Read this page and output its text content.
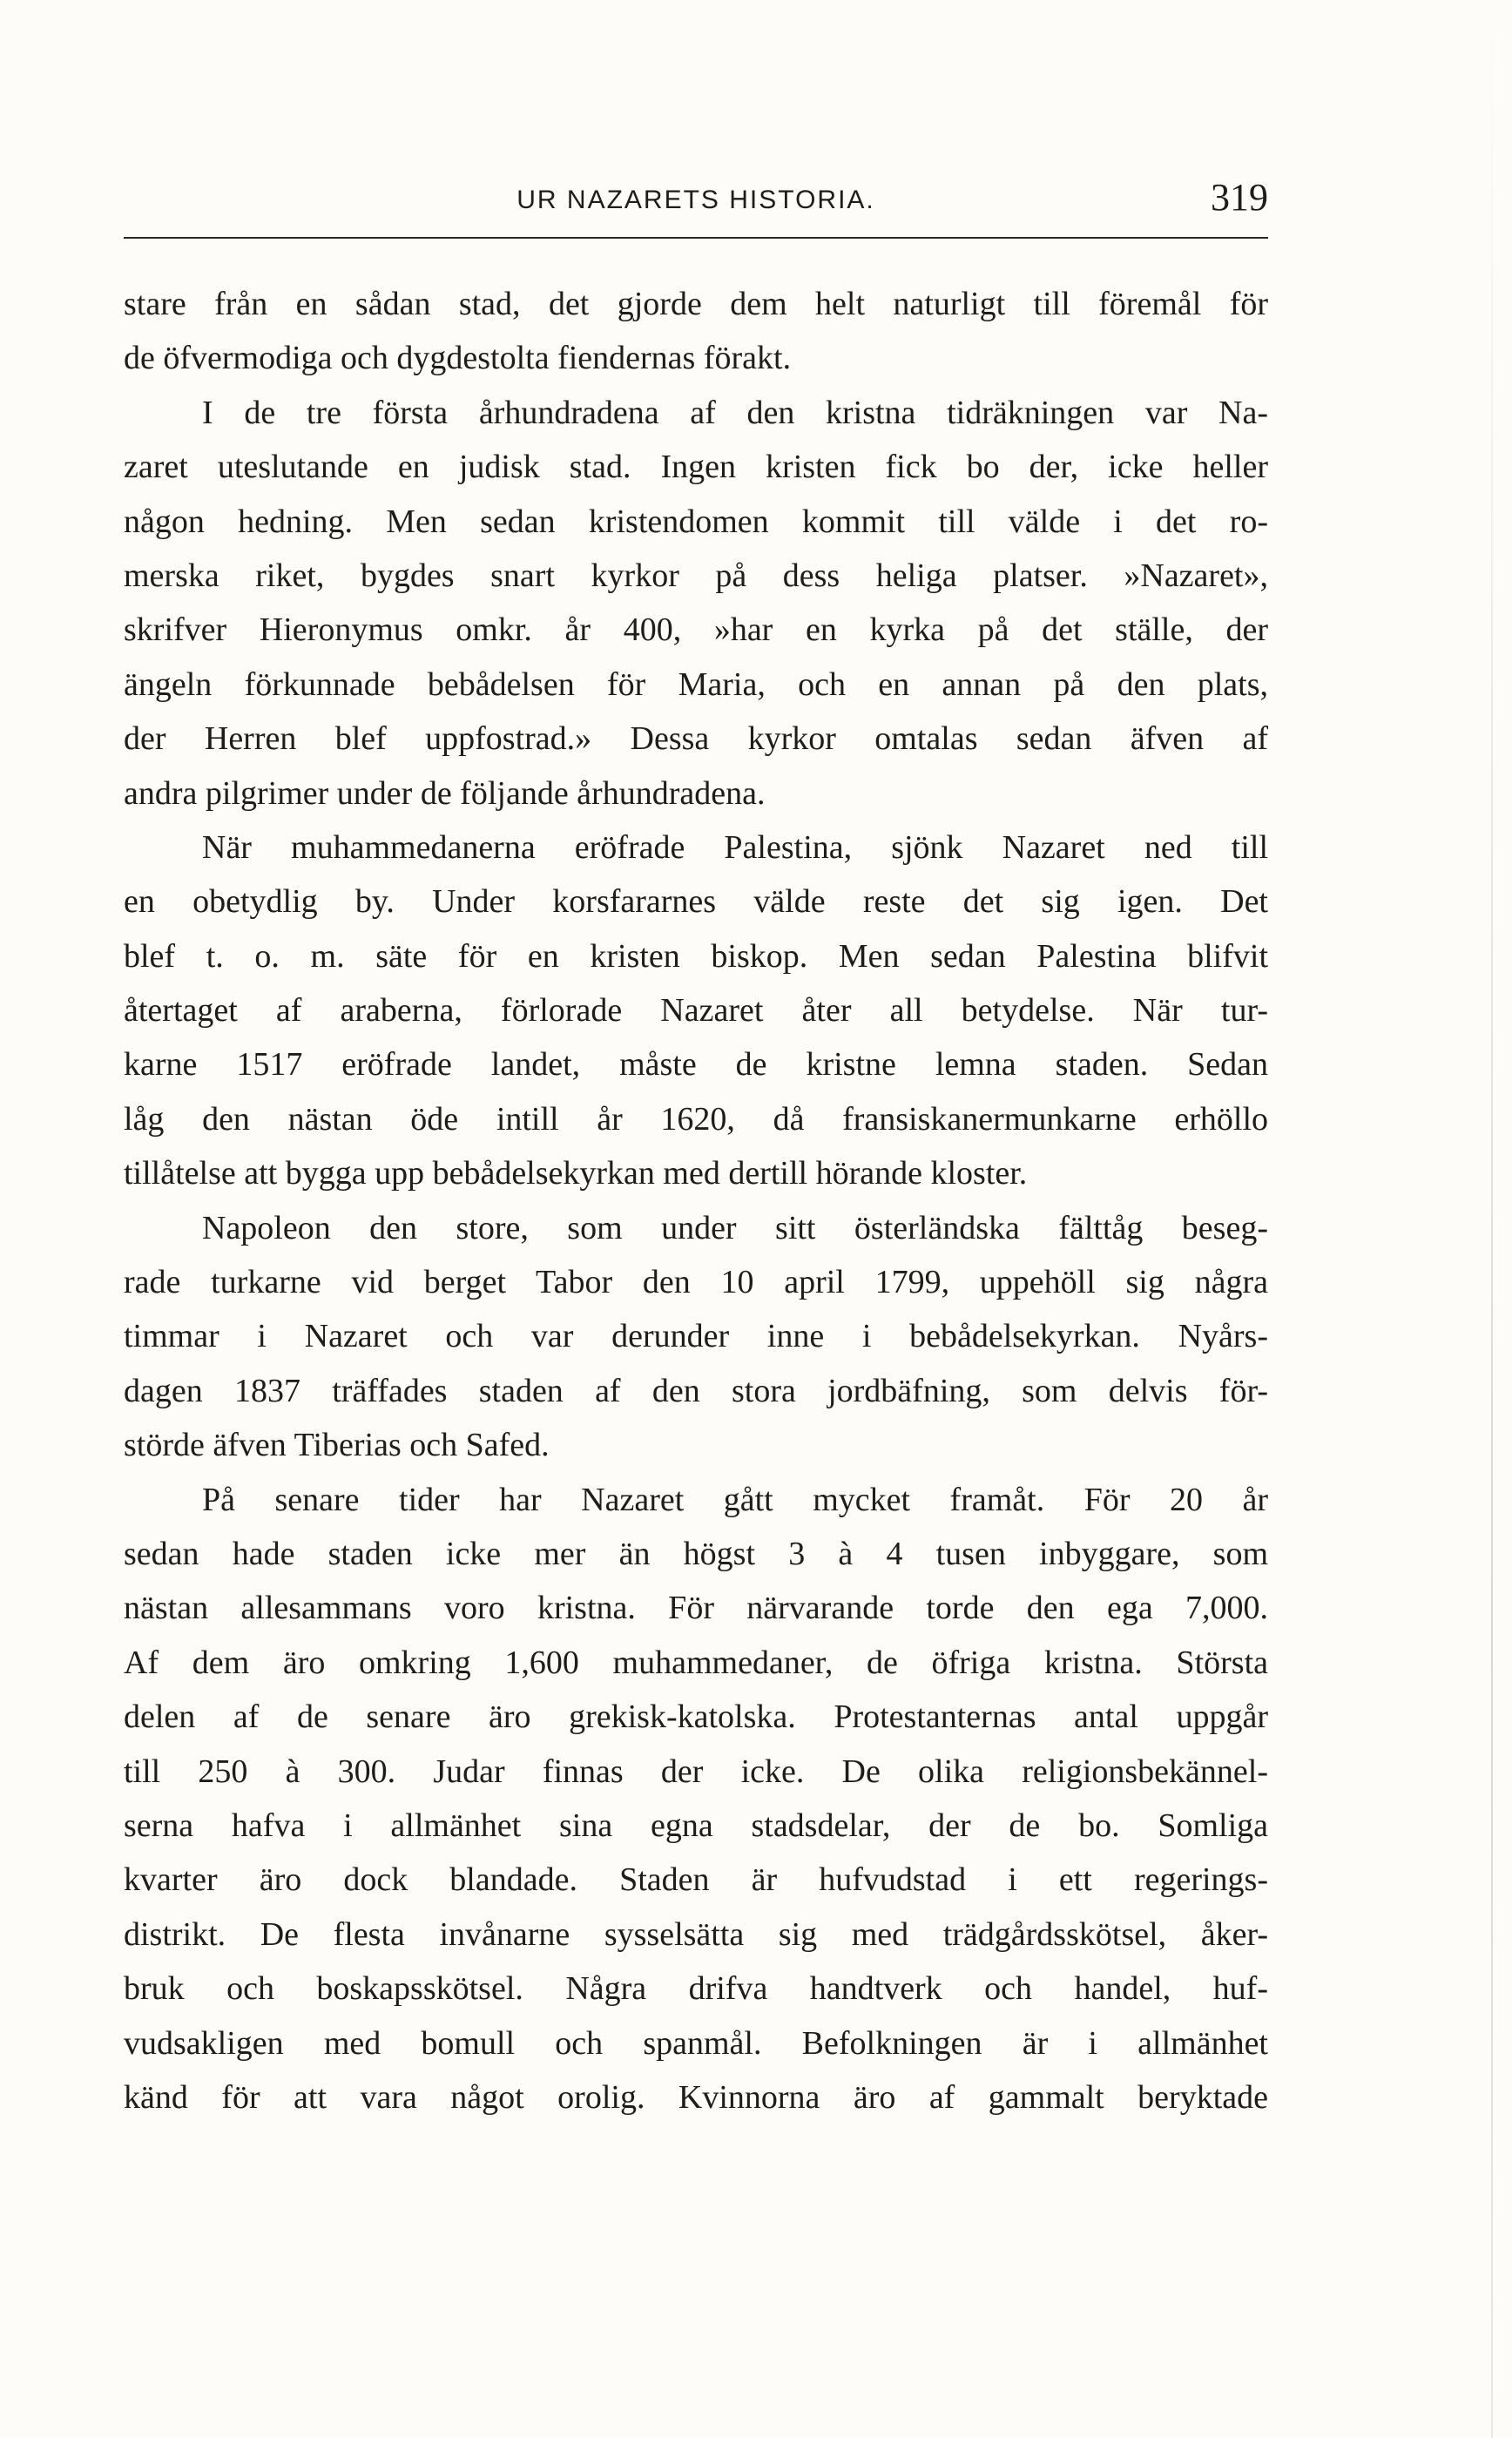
UR NAZARETS HISTORIA.	319
stare från en sådan stad, det gjorde dem helt naturligt till föremål för
de öfvermodiga och dygdestolta fiendernas förakt.
I de tre första århundradena af den kristna tidräkningen var Na-
zaret uteslutande en judisk stad. Ingen kristen fick bo der, icke heller
någon hedning. Men sedan kristendomen kommit till välde i det ro-
merska riket, bygdes snart kyrkor på dess heliga platser. »Nazaret»,
skrifver Hieronymus omkr. år 400, »har en kyrka på det ställe, der
ängeln förkunnade bebådelsen för Maria, och en annan på den plats,
der Herren blef uppfostrad.» Dessa kyrkor omtalas sedan äfven af
andra pilgrimer under de följande århundradena.
När muhammedanerna eröfrade Palestina, sjönk Nazaret ned till
en obetydlig by. Under korsfararnes välde reste det sig igen. Det
blef t. o. m. säte för en kristen biskop. Men sedan Palestina blifvit
återtaget af araberna, förlorade Nazaret åter all betydelse. När tur-
karne 1517 eröfrade landet, måste de kristne lemna staden. Sedan
låg den nästan öde intill år 1620, då fransiskanermunkarne erhöllo
tillåtelse att bygga upp bebådelsekyrkan med dertill hörande kloster.
Napoleon den store, som under sitt österländska fälttåg beseg-
rade turkarne vid berget Tabor den 10 april 1799, uppehöll sig några
timmar i Nazaret och var derunder inne i bebådelsekyrkan. Nyårs-
dagen 1837 träffades staden af den stora jordbäfning, som delvis för-
störde äfven Tiberias och Safed.
På senare tider har Nazaret gått mycket framåt. För 20 år
sedan hade staden icke mer än högst 3 à 4 tusen inbyggare, som
nästan allesammans voro kristna. För närvarande torde den ega 7,000.
Af dem äro omkring 1,600 muhammedaner, de öfriga kristna. Största
delen af de senare äro grekisk-katolska. Protestanternas antal uppgår
till 250 à 300. Judar finnas der icke. De olika religionsbekännel-
serna hafva i allmänhet sina egna stadsdelar, der de bo. Somliga
kvarter äro dock blandade. Staden är hufvudstad i ett regerings-
distrikt. De flesta invånarne sysselsätta sig med trädgårdsskötsel, åker-
bruk och boskapsskötsel. Några drifva handtverk och handel, huf-
vudsakligen med bomull och spanmål. Befolkningen är i allmänhet
känd för att vara något orolig. Kvinnorna äro af gammalt beryktade
